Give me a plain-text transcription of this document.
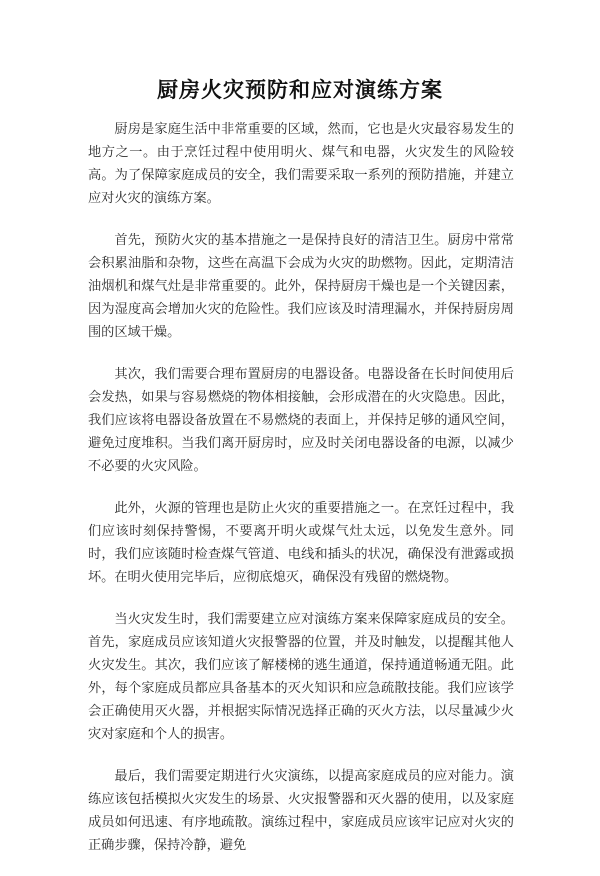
厨房火灾预防和应对演练方案

厨房是家庭生活中非常重要的区域，然而，它也是火灾最容易发生的地方之一。由于烹饪过程中使用明火、煤气和电器，火灾发生的风险较高。为了保障家庭成员的安全，我们需要采取一系列的预防措施，并建立应对火灾的演练方案。

首先，预防火灾的基本措施之一是保持良好的清洁卫生。厨房中常常会积累油脂和杂物，这些在高温下会成为火灾的助燃物。因此，定期清洁油烟机和煤气灶是非常重要的。此外，保持厨房干燥也是一个关键因素，因为湿度高会增加火灾的危险性。我们应该及时清理漏水，并保持厨房周围的区域干燥。

其次，我们需要合理布置厨房的电器设备。电器设备在长时间使用后会发热，如果与容易燃烧的物体相接触，会形成潜在的火灾隐患。因此，我们应该将电器设备放置在不易燃烧的表面上，并保持足够的通风空间，避免过度堆积。当我们离开厨房时，应及时关闭电器设备的电源，以减少不必要的火灾风险。

此外，火源的管理也是防止火灾的重要措施之一。在烹饪过程中，我们应该时刻保持警惕，不要离开明火或煤气灶太远，以免发生意外。同时，我们应该随时检查煤气管道、电线和插头的状况，确保没有泄露或损坏。在明火使用完毕后，应彻底熄灭，确保没有残留的燃烧物。

当火灾发生时，我们需要建立应对演练方案来保障家庭成员的安全。首先，家庭成员应该知道火灾报警器的位置，并及时触发，以提醒其他人火灾发生。其次，我们应该了解楼梯的逃生通道，保持通道畅通无阻。此外，每个家庭成员都应具备基本的灭火知识和应急疏散技能。我们应该学会正确使用灭火器，并根据实际情况选择正确的灭火方法，以尽量减少火灾对家庭和个人的损害。

最后，我们需要定期进行火灾演练，以提高家庭成员的应对能力。演练应该包括模拟火灾发生的场景、火灾报警器和灭火器的使用，以及家庭成员如何迅速、有序地疏散。演练过程中，家庭成员应该牢记应对火灾的正确步骤，保持冷静，避免
